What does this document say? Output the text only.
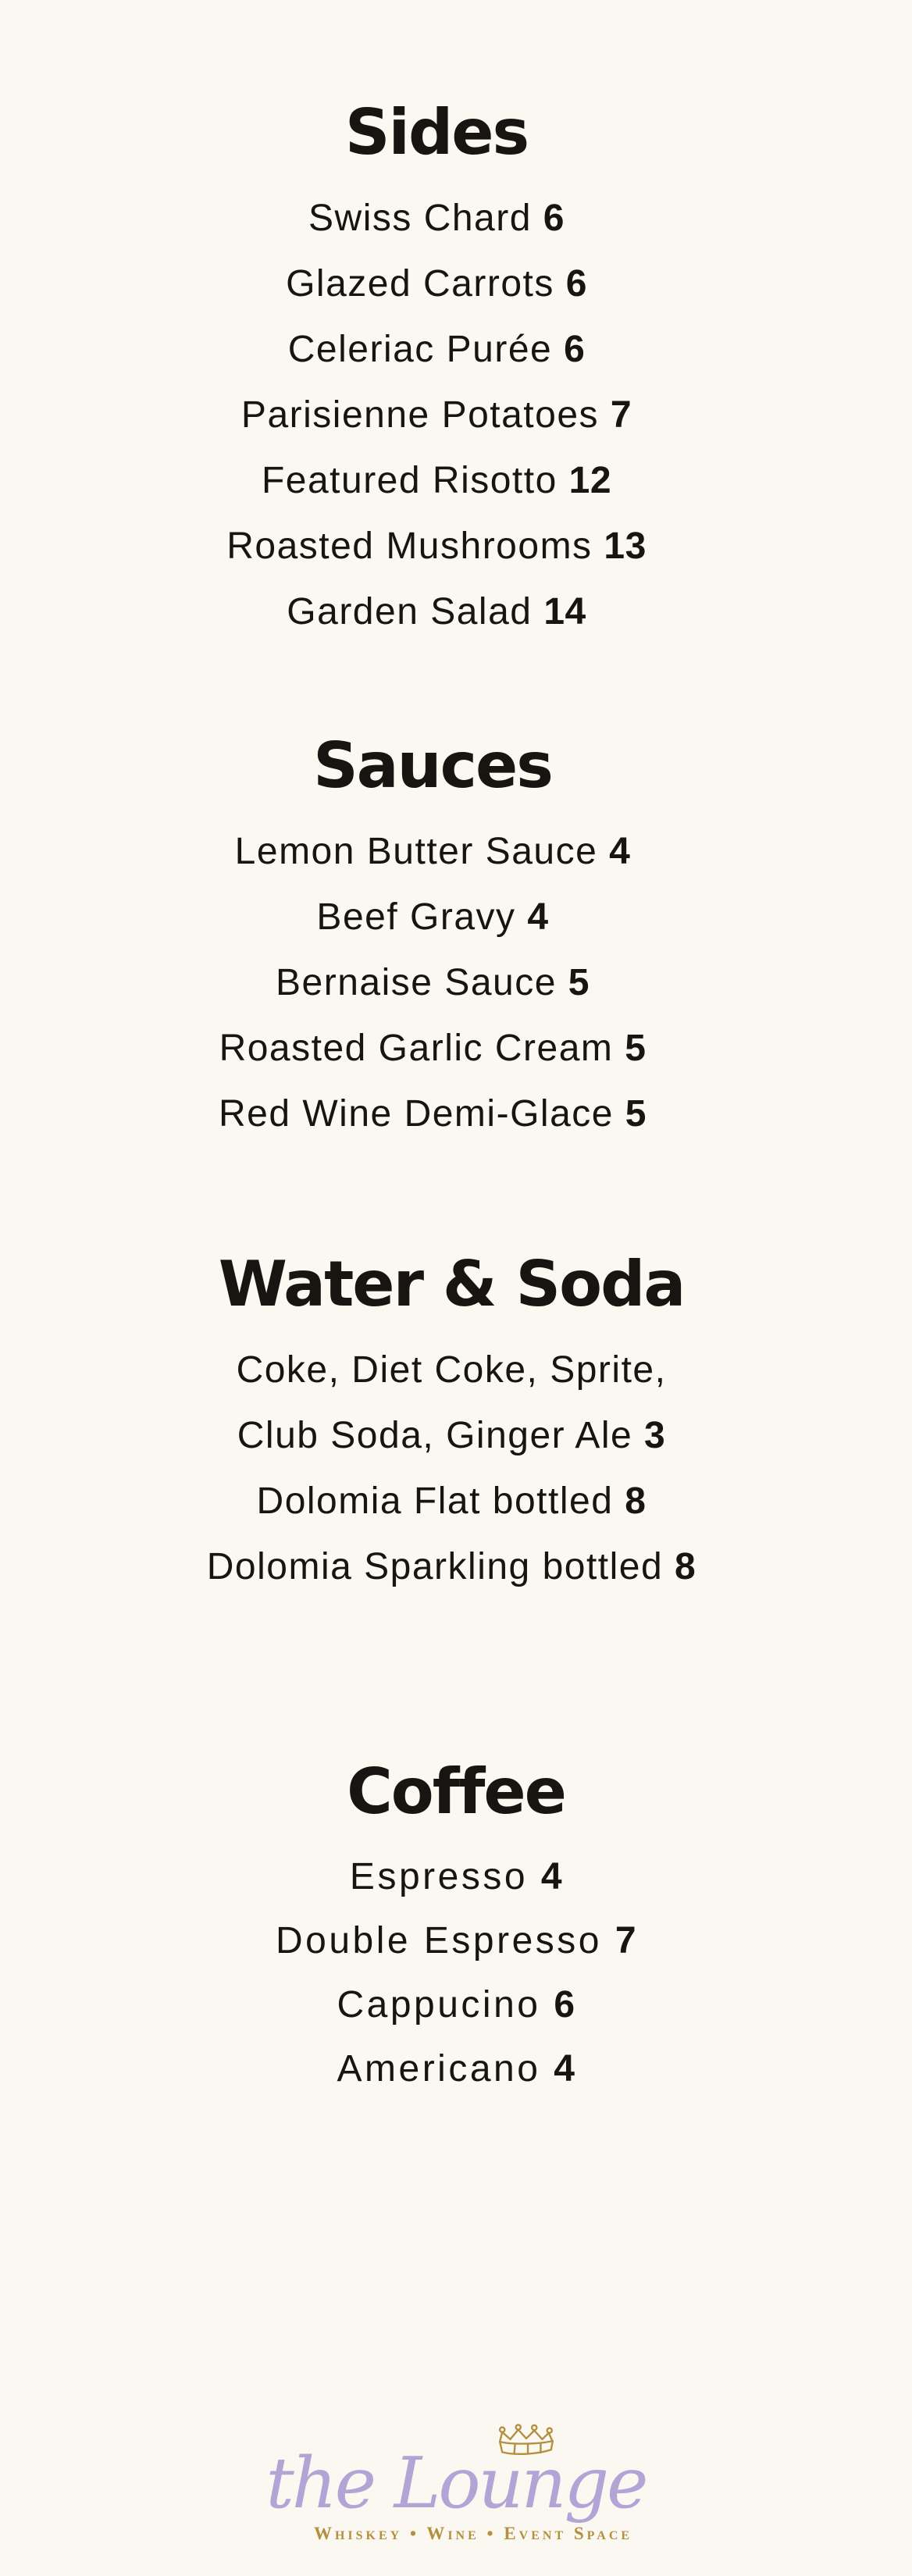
Sides
Swiss Chard 6
Glazed Carrots 6
Celeriac Purée 6
Parisienne Potatoes 7
Featured Risotto 12
Roasted Mushrooms 13
Garden Salad 14
Sauces
Lemon Butter Sauce 4
Beef Gravy 4
Bernaise Sauce 5
Roasted Garlic Cream 5
Red Wine Demi-Glace 5
Water & Soda
Coke, Diet Coke, Sprite,
Club Soda, Ginger Ale 3
Dolomia Flat bottled 8
Dolomia Sparkling bottled 8
Coffee
Espresso 4
Double Espresso 7
Cappucino 6
Americano 4
the Lounge
Whiskey • Wine • Event Space
